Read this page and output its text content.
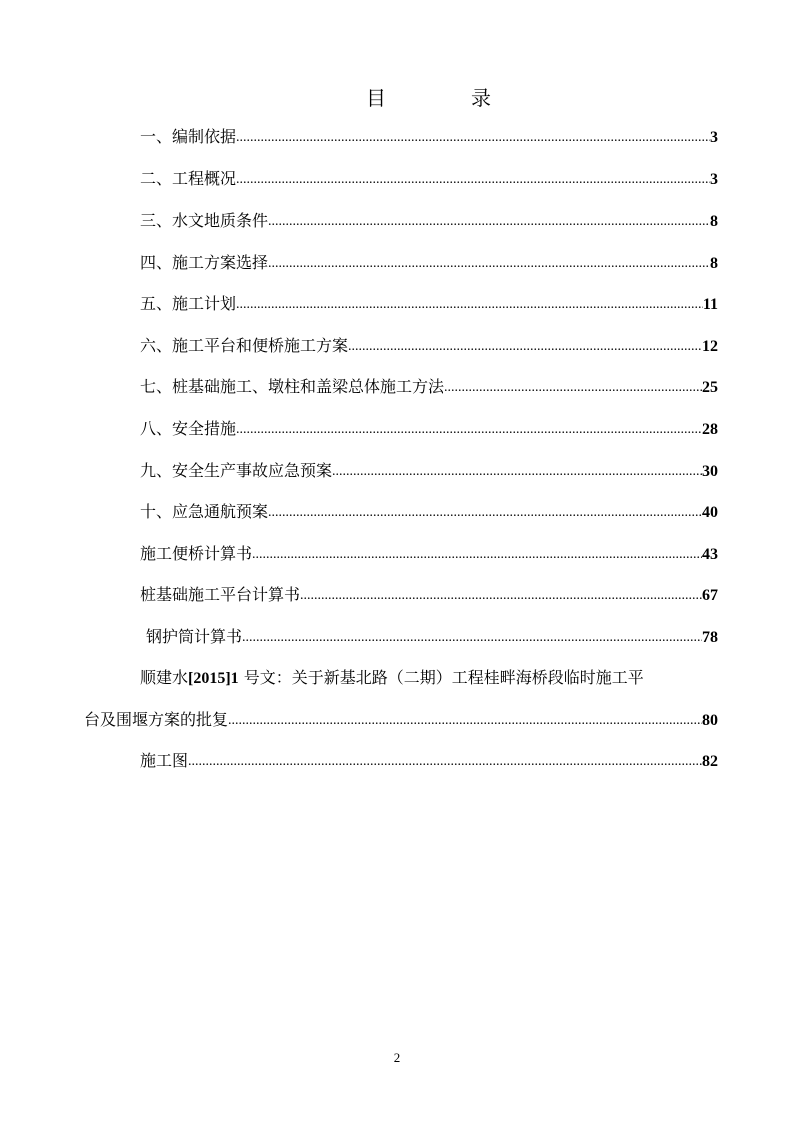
目	录
一、编制依据 .....	3
二、工程概况 .....	3
三、水文地质条件 .....	8
四、施工方案选择 .....	8
五、施工计划 .....	11
六、施工平台和便桥施工方案 .....	12
七、桩基础施工、墩柱和盖梁总体施工方法 .....	25
八、安全措施 .....	28
九、安全生产事故应急预案 .....	30
十、应急通航预案 .....	40
施工便桥计算书 .....	43
桩基础施工平台计算书 .....	67
钢护筒计算书 .....	78
顺建水[2015]1 号文：关于新基北路（二期）工程桂畔海桥段临时施工平
台及围堰方案的批复 .....	80
施工图 .....	82
2
